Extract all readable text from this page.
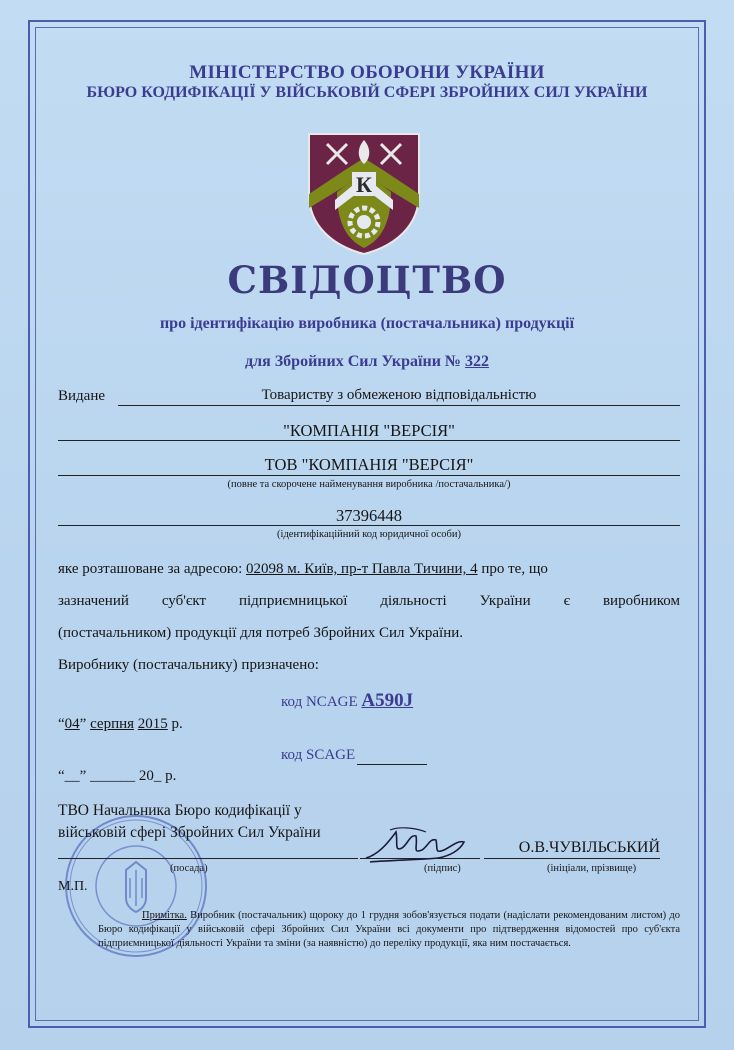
МІНІСТЕРСТВО ОБОРОНИ УКРАЇНИ
БЮРО КОДИФІКАЦІЇ У ВІЙСЬКОВІЙ СФЕРІ ЗБРОЙНИХ СИЛ УКРАЇНИ
К
СВІДОЦТВО
про ідентифікацію виробника (постачальника) продукції
для Збройних Сил України № 322
Видане	Товариству з обмеженою відповідальністю
"КОМПАНІЯ "ВЕРСІЯ"
ТОВ "КОМПАНІЯ "ВЕРСІЯ"
(повне та скорочене найменування виробника /постачальника/)
37396448
(ідентифікаційний код юридичної особи)
яке розташоване за адресою: 02098 м. Київ, пр-т Павла Тичини, 4 про те, що
зазначений суб'єкт підприємницької діяльності України є виробником
(постачальником) продукції для потреб Збройних Сил України.
Виробнику (постачальнику) призначено:
код NCAGE A590J
“04” серпня 2015 р.
код SCAGE
“__” ______ 20_ р.
ТВО Начальника Бюро кодифікації у
військовій сфері Збройних Сил України
(посада)	(підпис)
О.В.ЧУВІЛЬСЬКИЙ
(ініціали, прізвище)
М.П.
Примітка. Виробник (постачальник) щороку до 1 грудня зобов'язується подати (надіслати рекомендованим листом) до Бюро кодифікації у військовій сфері Збройних Сил України всі документи про підтвердження відомостей про суб'єкта підприємницької діяльності України та зміни (за наявністю) до переліку продукції, яка ним постачається.
